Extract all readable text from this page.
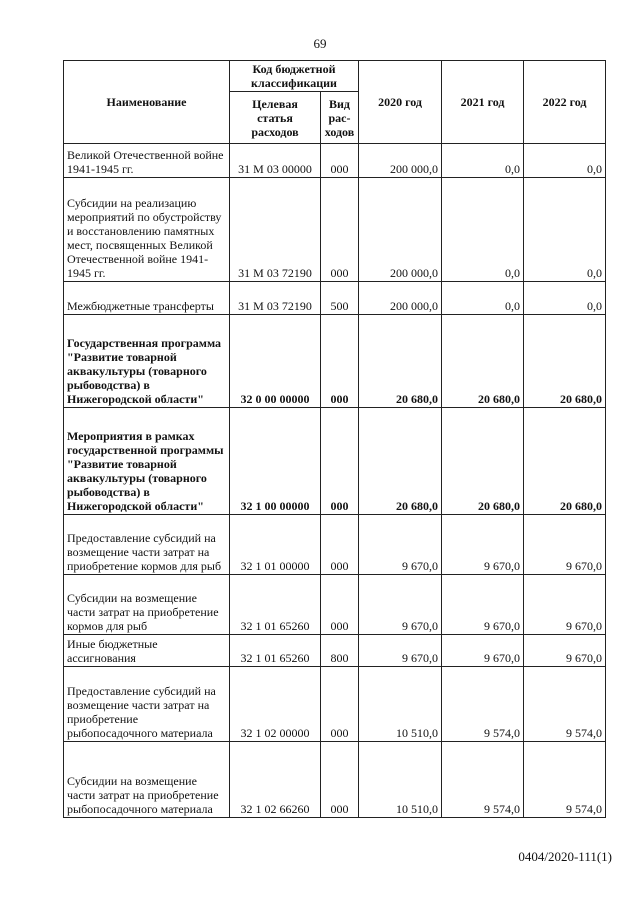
69
Наименование	Код бюджетной классификации		2020 год	2021 год	2022 год
	Целевая статья расходов	Вид рас-ходов			
Великой Отечественной войне 1941-1945 гг.	31 М 03 00000	000	200 000,0	0,0	0,0
Субсидии на реализацию мероприятий по обустройству и восстановлению памятных мест, посвященных Великой Отечественной войне 1941-1945 гг.	31 М 03 72190	000	200 000,0	0,0	0,0
Межбюджетные трансферты	31 М 03 72190	500	200 000,0	0,0	0,0
Государственная программа "Развитие товарной аквакультуры (товарного рыбоводства) в Нижегородской области"	32 0 00 00000	000	20 680,0	20 680,0	20 680,0
Мероприятия в рамках государственной программы "Развитие товарной аквакультуры (товарного рыбоводства) в Нижегородской области"	32 1 00 00000	000	20 680,0	20 680,0	20 680,0
Предоставление субсидий на возмещение части затрат на приобретение кормов для рыб	32 1 01 00000	000	9 670,0	9 670,0	9 670,0
Субсидии на возмещение части затрат на приобретение кормов для рыб	32 1 01 65260	000	9 670,0	9 670,0	9 670,0
Иные бюджетные ассигнования	32 1 01 65260	800	9 670,0	9 670,0	9 670,0
Предоставление субсидий на возмещение части затрат на приобретение рыбопосадочного материала	32 1 02 00000	000	10 510,0	9 574,0	9 574,0
Субсидии на возмещение части затрат на приобретение рыбопосадочного материала	32 1 02 66260	000	10 510,0	9 574,0	9 574,0
0404/2020-111(1)
